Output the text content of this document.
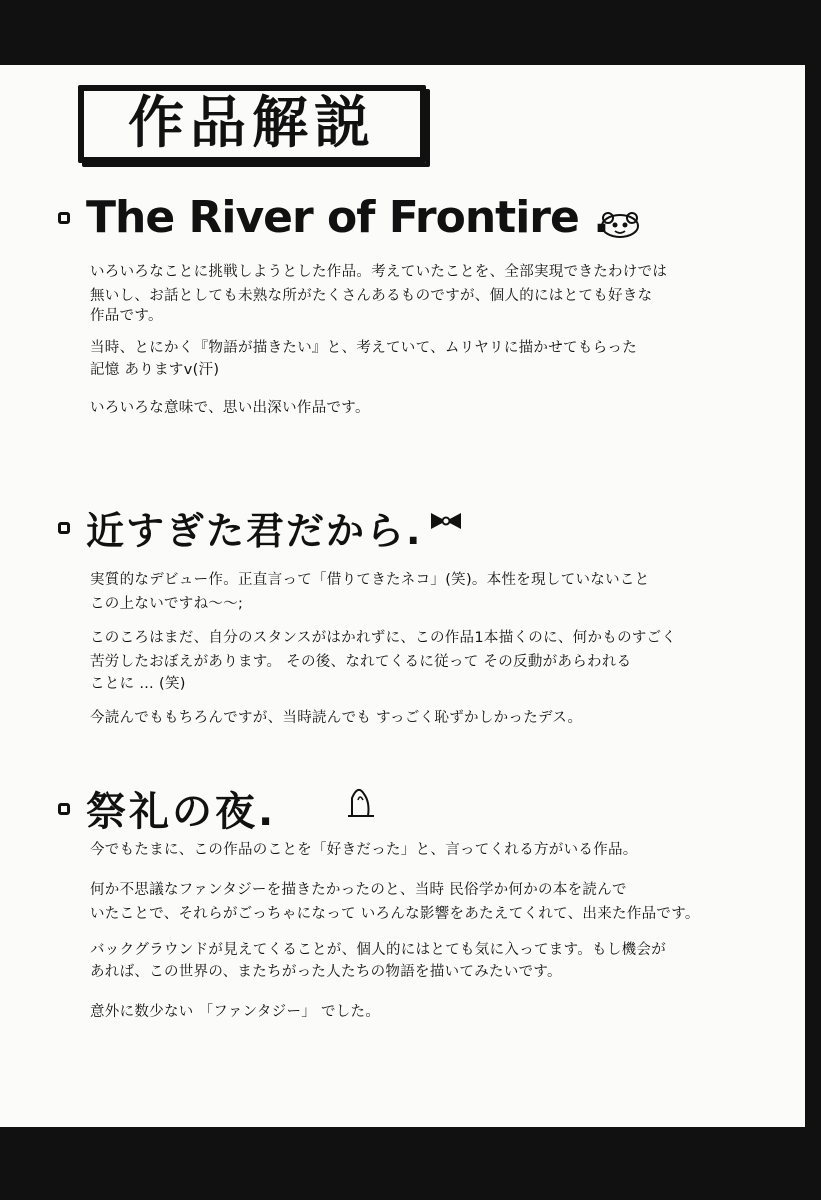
作品解説
The River of Frontire .
いろいろなことに挑戦しようとした作品。考えていたことを、全部実現できたわけでは
無いし、お話としても未熟な所がたくさんあるものですが、個人的にはとても好きな
作品です。
当時、とにかく『物語が描きたい』と、考えていて、ムリヤリに描かせてもらった
記憶 ありますv(汗)
いろいろな意味で、思い出深い作品です。
近すぎた君だから.
実質的なデビュー作。正直言って「借りてきたネコ」(笑)。本性を現していないこと
この上ないですね〜〜;
このころはまだ、自分のスタンスがはかれずに、この作品1本描くのに、何かものすごく
苦労したおぼえがあります。 その後、なれてくるに従って その反動があらわれる
ことに … (笑)
今読んでももちろんですが、当時読んでも すっごく恥ずかしかったデス。
祭礼の夜.
今でもたまに、この作品のことを「好きだった」と、言ってくれる方がいる作品。
何か不思議なファンタジーを描きたかったのと、当時 民俗学か何かの本を読んで
いたことで、それらがごっちゃになって いろんな影響をあたえてくれて、出来た作品です。
バックグラウンドが見えてくることが、個人的にはとても気に入ってます。もし機会が
あれば、この世界の、またちがった人たちの物語を描いてみたいです。
意外に数少ない 「ファンタジー」 でした。
